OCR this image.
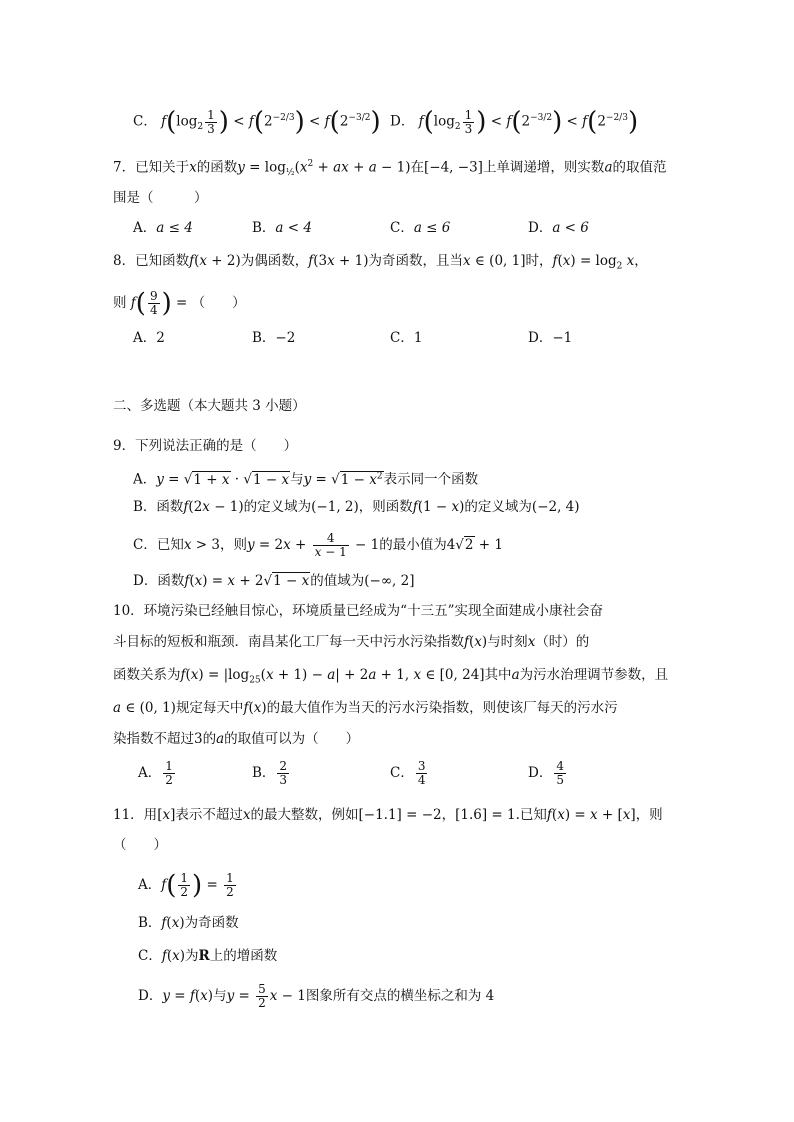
C． $f(\log_2 \frac{1}{3}$ ) < $f(2^{-2/3}) < f(2^{-3/2})$ D． $f(\log_2 \frac{1}{3}$ ) < $f(2^{-3/2}) < f(2^{-2/3})$
7．已知关于x的函数$y = \log_{\frac{1}{2}}(x^2$ + ax + a − 1)在[−4, −3]上单调递增，则实数a的取值范
围是（　　　）
A．a ≤ 4	B．a < 4	C．a ≤ 6	D．a < 6
8．已知函数f(x + 2)为偶函数，f(3x + 1)为奇函数，且当x ∈ (0, 1]时，$f(x) = \log_2 x$，
则 $f( \frac{9}{4}$ ) = （　　）
A．2	B．−2	C．1	D．−1
二、多选题（本大题共 3 小题）
9．下列说法正确的是（　　）
A．y = √1 + x · √1 − x与$y = √1 - x^2$表示同一个函数
B．函数f(2x − 1)的定义域为(−1, 2)，则函数f(1 − x)的定义域为(−2, 4)
C．已知x > 3，则$y = 2x + \frac{4}{x - 1} - 1$的最小值为4√2 + 1
D．函数f(x) = x + 2√1 − x的值域为(−∞, 2]
10．环境污染已经触目惊心，环境质量已经成为“十三五”实现全面建成小康社会奋
斗目标的短板和瓶颈．南昌某化工厂每一天中污水污染指数f(x)与时刻x（时）的
函数关系为$f(x) = |\log_{25}(x + 1) - a| + 2a + 1$, x ∈ [0, 24]其中a为污水治理调节参数，且
a ∈ (0, 1)规定每天中f(x)的最大值作为当天的污水污染指数，则使该厂每天的污水污
染指数不超过3的a的取值可以为（　　）
A． $\frac{1}{2}$	B． $\frac{2}{3}$	C． $\frac{3}{4}$	D． $\frac{4}{5}$
11．用[x]表示不超过x的最大整数，例如[−1.1] = −2，[1.6] = 1.已知f(x) = x + [x]，则
（　　）
A．$f( \frac{1}{2}$ ) = $\frac{1}{2}$
B．f(x)为奇函数
C．f(x)为R上的增函数
D．y = f(x)与$y = \frac{5}{2}$ x − 1图象所有交点的横坐标之和为 4
